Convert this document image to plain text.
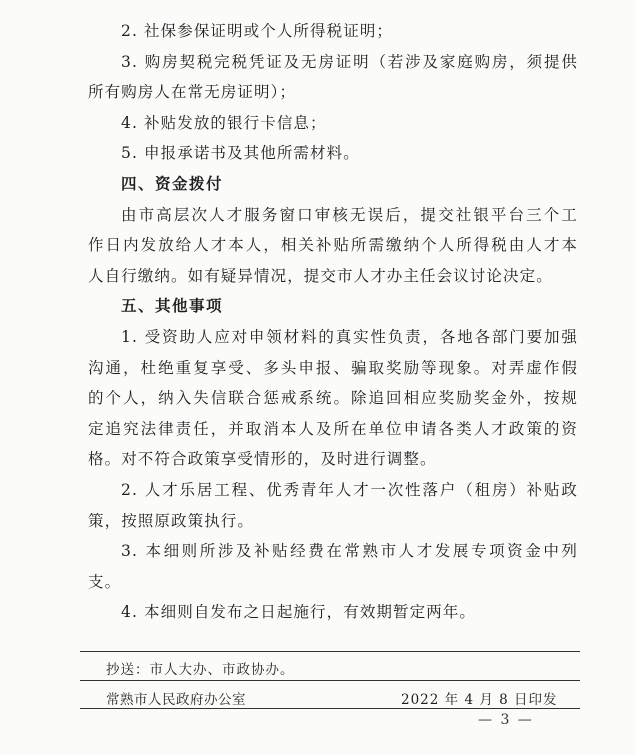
2. 社保参保证明或个人所得税证明；
3. 购房契税完税凭证及无房证明（若涉及家庭购房，须提供
所有购房人在常无房证明）；
4. 补贴发放的银行卡信息；
5. 申报承诺书及其他所需材料。
四、资金拨付
由市高层次人才服务窗口审核无误后，提交社银平台三个工
作日内发放给人才本人，相关补贴所需缴纳个人所得税由人才本
人自行缴纳。如有疑异情况，提交市人才办主任会议讨论决定。
五、其他事项
1. 受资助人应对申领材料的真实性负责，各地各部门要加强
沟通，杜绝重复享受、多头申报、骗取奖励等现象。对弄虚作假
的个人，纳入失信联合惩戒系统。除追回相应奖励奖金外，按规
定追究法律责任，并取消本人及所在单位申请各类人才政策的资
格。对不符合政策享受情形的，及时进行调整。
2. 人才乐居工程、优秀青年人才一次性落户（租房）补贴政
策，按照原政策执行。
3. 本细则所涉及补贴经费在常熟市人才发展专项资金中列
支。
4. 本细则自发布之日起施行，有效期暂定两年。
抄送：市人大办、市政协办。
常熟市人民政府办公室	2022 年 4 月 8 日印发
— 3 —
